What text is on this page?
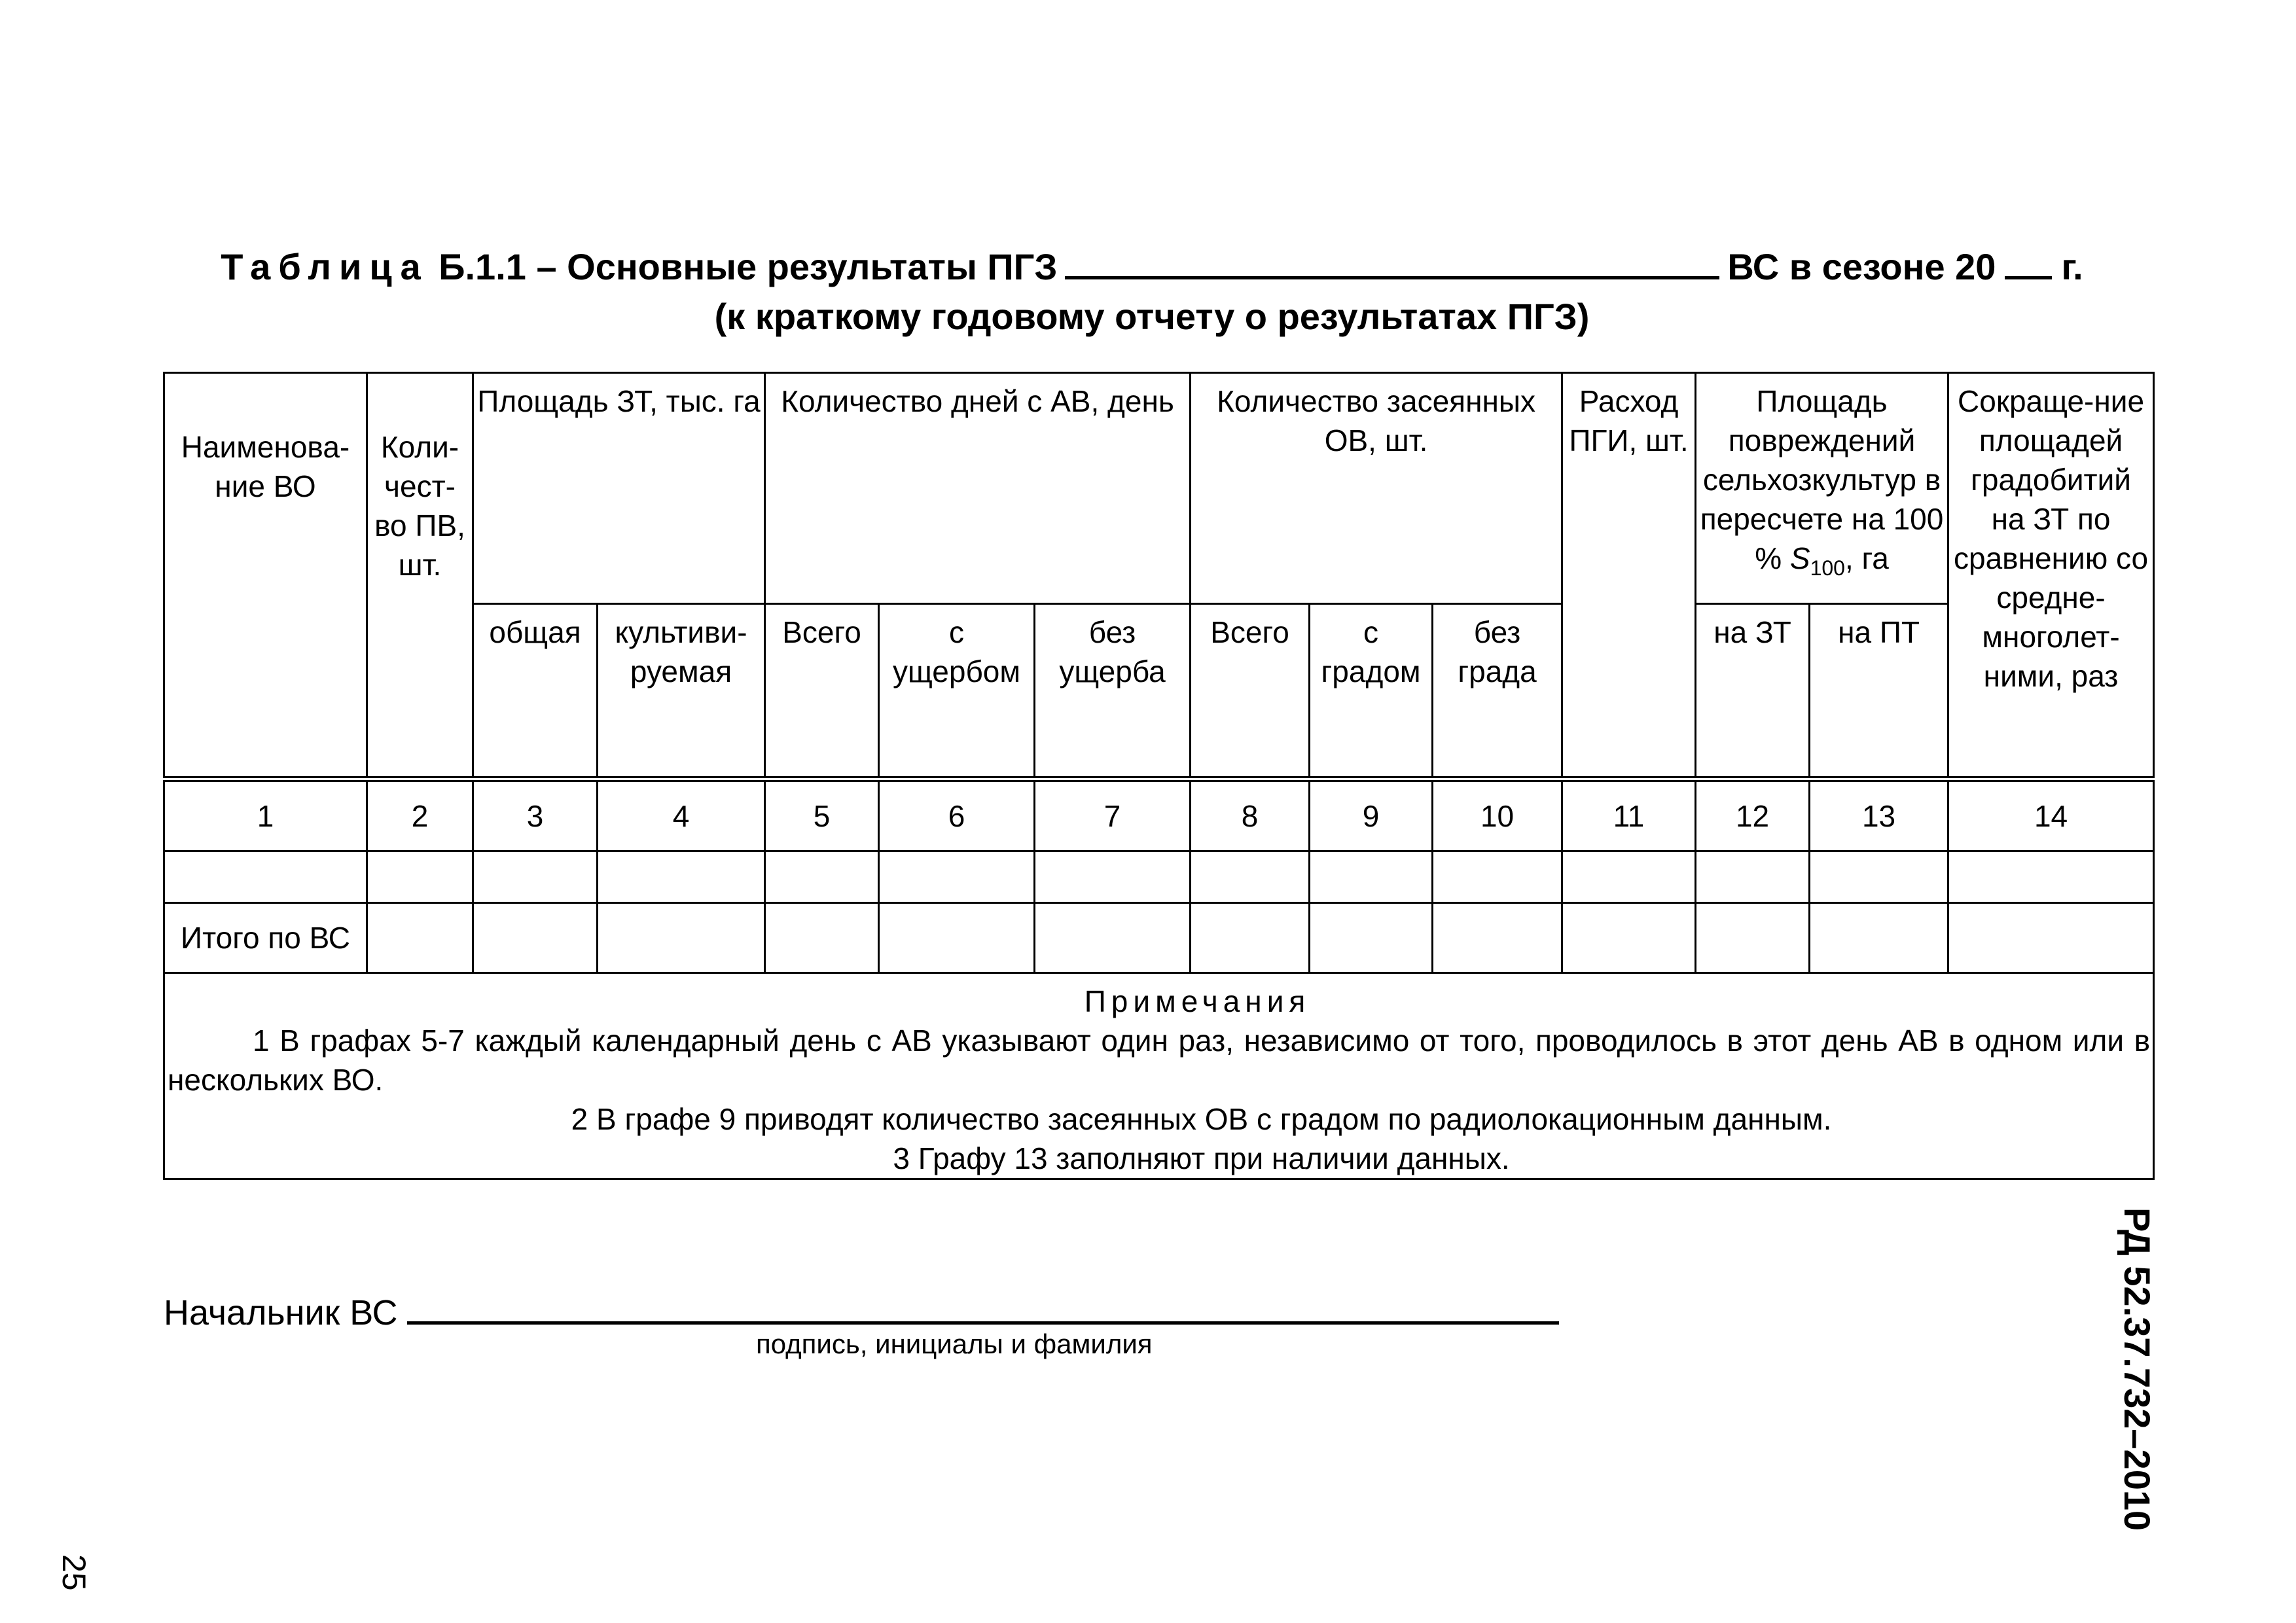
Таблица
Б.1.1 – Основные результаты ПГЗ	ВС в сезоне 20 г.
(к краткому годовому отчету о результатах ПГЗ)
Наименова-ние ВО	Коли-чест-во ПВ, шт.	Площадь ЗТ, тыс. га		Количество дней с АВ, день			Количество засеянных ОВ, шт.			Расход ПГИ, шт.	Площадь повреждений сельхозкультур в пересчете на 100 % $S_{100}$, га		Сокраще-ние площадей градобитий на ЗТ по сравнению со средне-многолет-ними, раз
		общая	культиви-руемая	Всего	с ущербом	без ущерба	Всего	с градом	без града		на ЗТ	на ПТ	
1	2	3	4	5	6	7	8	9	10	11	12	13	14

Итого по ВС													

Примечания
1 В графах 5-7 каждый календарный день с АВ указывают один раз, независимо от того, проводилось в этот день АВ в одном или в нескольких ВО.
2 В графе 9 приводят количество засеянных ОВ с градом по радиолокационным данным.
3 Графу 13 заполняют при наличии данных.													
Начальник ВС
подпись, инициалы и фамилия	РД 52.37.732–2010
25
